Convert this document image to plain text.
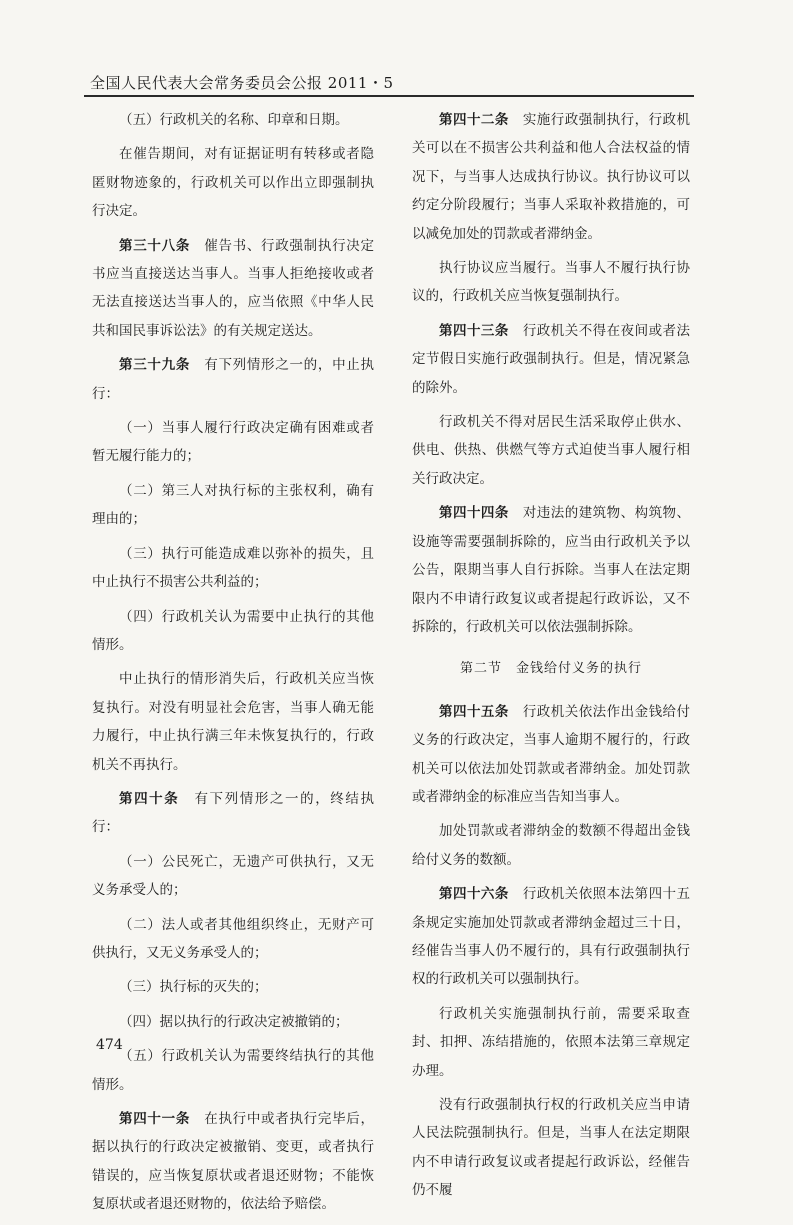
全国人民代表大会常务委员会公报 2011・5

（五）行政机关的名称、印章和日期。

在催告期间，对有证据证明有转移或者隐匿财物迹象的，行政机关可以作出立即强制执行决定。

第三十八条　催告书、行政强制执行决定书应当直接送达当事人。当事人拒绝接收或者无法直接送达当事人的，应当依照《中华人民共和国民事诉讼法》的有关规定送达。

第三十九条　有下列情形之一的，中止执行：

（一）当事人履行行政决定确有困难或者暂无履行能力的；

（二）第三人对执行标的主张权利，确有理由的；

（三）执行可能造成难以弥补的损失，且中止执行不损害公共利益的；

（四）行政机关认为需要中止执行的其他情形。

中止执行的情形消失后，行政机关应当恢复执行。对没有明显社会危害，当事人确无能力履行，中止执行满三年未恢复执行的，行政机关不再执行。

第四十条　有下列情形之一的，终结执行：

（一）公民死亡，无遗产可供执行，又无义务承受人的；

（二）法人或者其他组织终止，无财产可供执行，又无义务承受人的；

（三）执行标的灭失的；

（四）据以执行的行政决定被撤销的；

（五）行政机关认为需要终结执行的其他情形。

第四十一条　在执行中或者执行完毕后，据以执行的行政决定被撤销、变更，或者执行错误的，应当恢复原状或者退还财物；不能恢复原状或者退还财物的，依法给予赔偿。

第四十二条　实施行政强制执行，行政机关可以在不损害公共利益和他人合法权益的情况下，与当事人达成执行协议。执行协议可以约定分阶段履行；当事人采取补救措施的，可以减免加处的罚款或者滞纳金。

执行协议应当履行。当事人不履行执行协议的，行政机关应当恢复强制执行。

第四十三条　行政机关不得在夜间或者法定节假日实施行政强制执行。但是，情况紧急的除外。

行政机关不得对居民生活采取停止供水、供电、供热、供燃气等方式迫使当事人履行相关行政决定。

第四十四条　对违法的建筑物、构筑物、设施等需要强制拆除的，应当由行政机关予以公告，限期当事人自行拆除。当事人在法定期限内不申请行政复议或者提起行政诉讼，又不拆除的，行政机关可以依法强制拆除。

第二节　金钱给付义务的执行

第四十五条　行政机关依法作出金钱给付义务的行政决定，当事人逾期不履行的，行政机关可以依法加处罚款或者滞纳金。加处罚款或者滞纳金的标准应当告知当事人。

加处罚款或者滞纳金的数额不得超出金钱给付义务的数额。

第四十六条　行政机关依照本法第四十五条规定实施加处罚款或者滞纳金超过三十日，经催告当事人仍不履行的，具有行政强制执行权的行政机关可以强制执行。

行政机关实施强制执行前，需要采取查封、扣押、冻结措施的，依照本法第三章规定办理。

没有行政强制执行权的行政机关应当申请人民法院强制执行。但是，当事人在法定期限内不申请行政复议或者提起行政诉讼，经催告仍不履

474
